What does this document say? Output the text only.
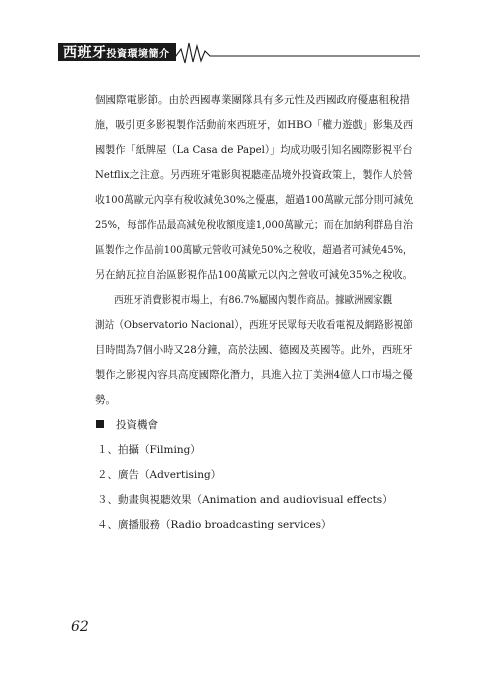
西班牙投資環境簡介

個國際電影節。由於西國專業團隊具有多元性及西國政府優惠租稅措
施，吸引更多影視製作活動前來西班牙，如HBO「權力遊戲」影集及西
國製作「紙牌屋（La Casa de Papel）」均成功吸引知名國際影視平台
Netflix之注意。另西班牙電影與視聽產品境外投資政策上，製作人於營
收100萬歐元內享有稅收減免30%之優惠，超過100萬歐元部分則可減免
25%，每部作品最高減免稅收額度達1,000萬歐元；而在加納利群島自治
區製作之作品前100萬歐元營收可減免50%之稅收，超過者可減免45%，
另在納瓦拉自治區影視作品100萬歐元以內之營收可減免35%之稅收。

西班牙消費影視市場上，有86.7%屬國內製作商品。據歐洲國家觀
測站（Observatorio Nacional），西班牙民眾每天收看電視及網路影視節
目時間為7個小時又28分鐘，高於法國、德國及英國等。此外，西班牙
製作之影視內容具高度國際化潛力，具進入拉丁美洲4億人口市場之優
勢。

投資機會
１、拍攝（Filming）
２、廣告（Advertising）
３、動畫與視聽效果（Animation and audiovisual effects）
４、廣播服務（Radio broadcasting services）
62
